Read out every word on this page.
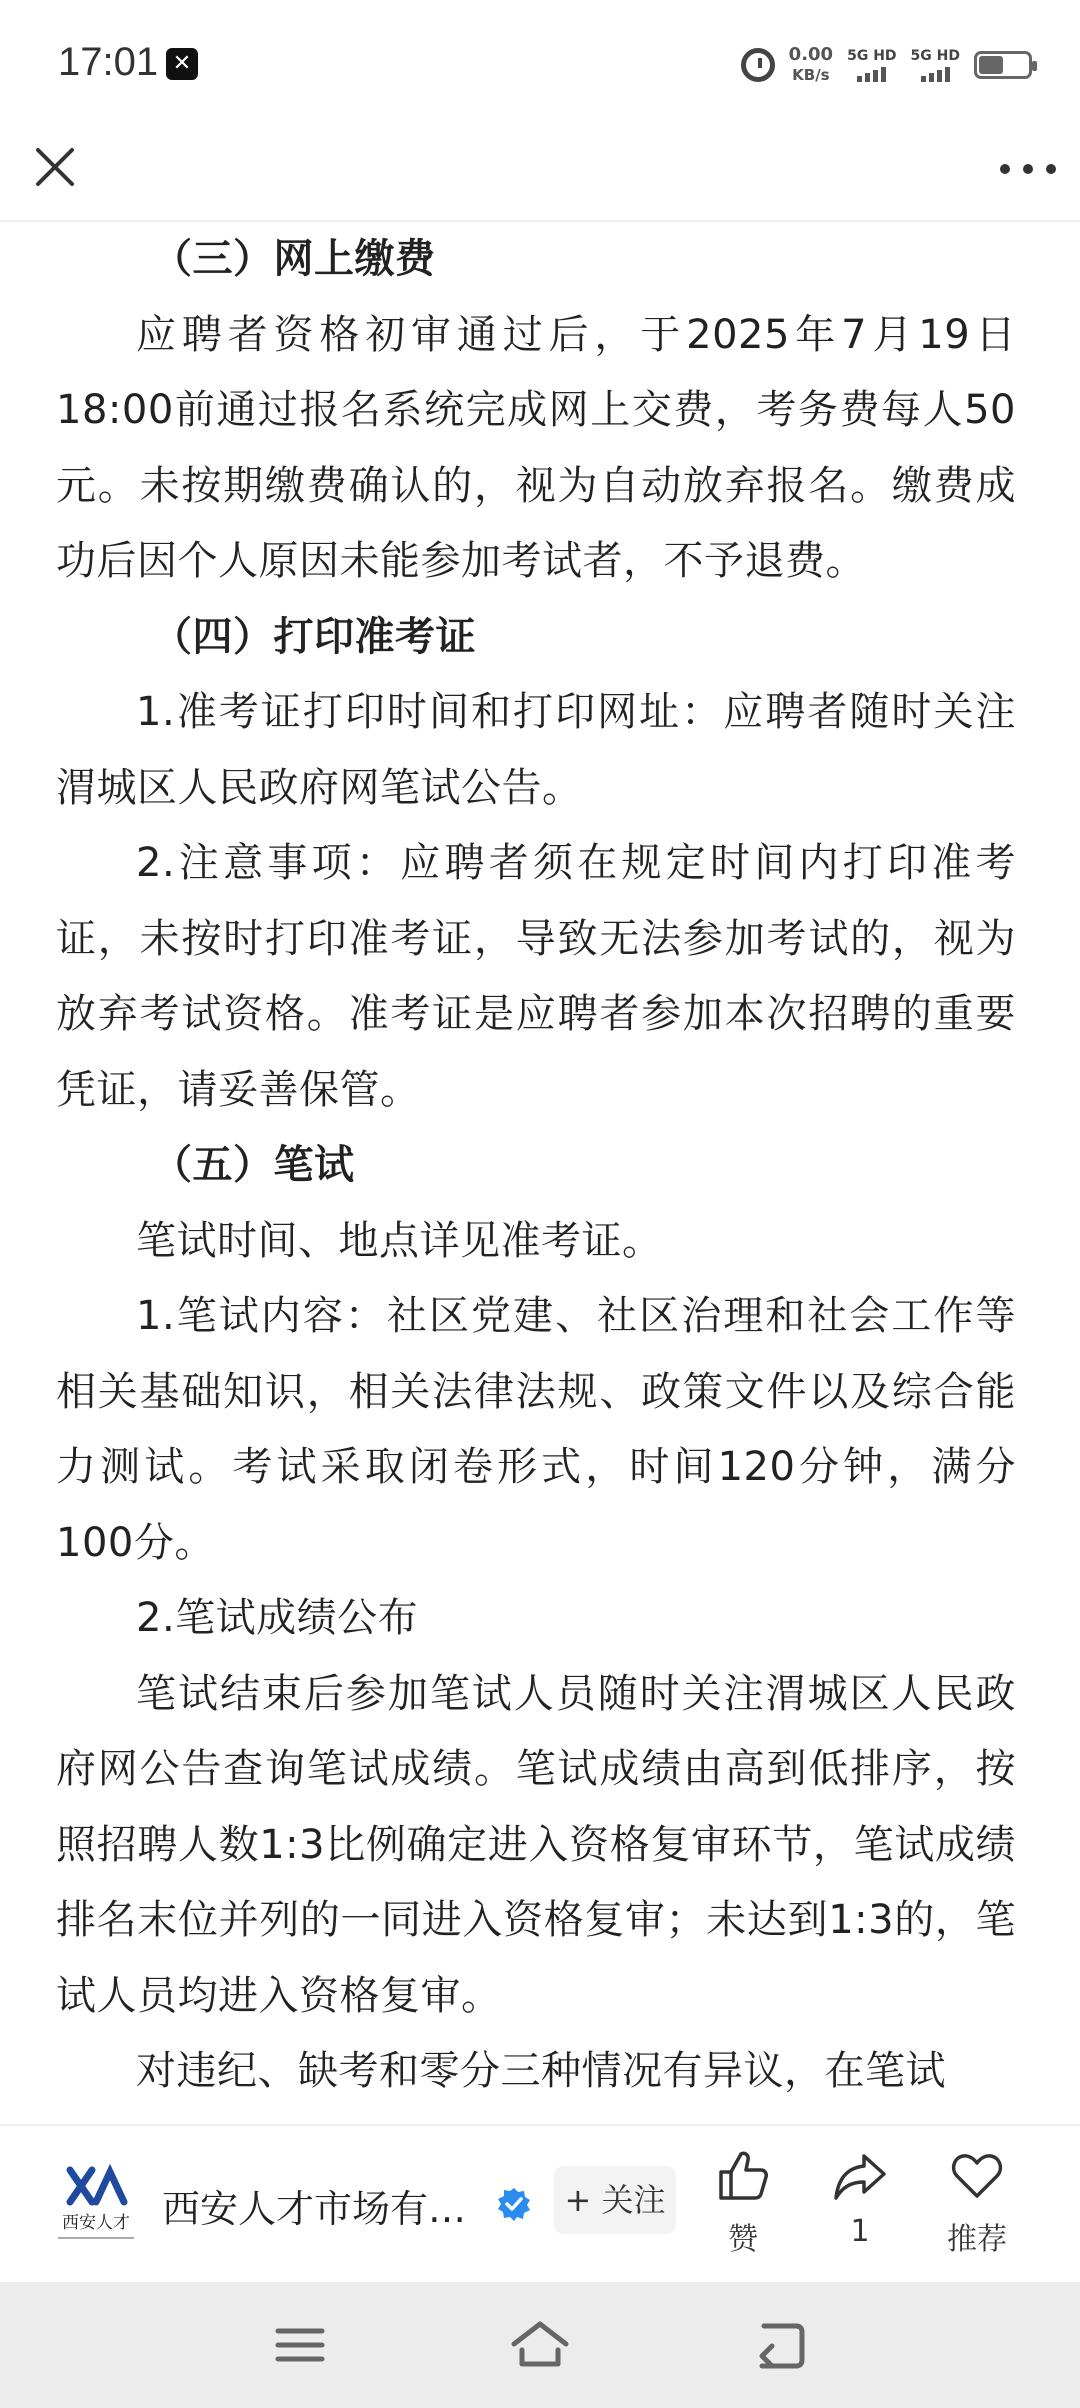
17:01 ✕	0.00
KB/s
5G HD 5G HD

（三）网上缴费

应聘者资格初审通过后，于2025年7月19日18:00前通过报名系统完成网上交费，考务费每人50元。未按期缴费确认的，视为自动放弃报名。缴费成功后因个人原因未能参加考试者，不予退费。

（四）打印准考证

1.准考证打印时间和打印网址：应聘者随时关注渭城区人民政府网笔试公告。

2.注意事项：应聘者须在规定时间内打印准考证，未按时打印准考证，导致无法参加考试的，视为放弃考试资格。准考证是应聘者参加本次招聘的重要凭证，请妥善保管。

（五）笔试

笔试时间、地点详见准考证。

1.笔试内容：社区党建、社区治理和社会工作等相关基础知识，相关法律法规、政策文件以及综合能力测试。考试采取闭卷形式，时间120分钟，满分100分。

2.笔试成绩公布

笔试结束后参加笔试人员随时关注渭城区人民政府网公告查询笔试成绩。笔试成绩由高到低排序，按照招聘人数1:3比例确定进入资格复审环节，笔试成绩排名末位并列的一同进入资格复审；未达到1:3的，笔试人员均进入资格复审。

对违纪、缺考和零分三种情况有异议，在笔试

西安人才 西安人才市场有…	+ 关注
赞	1	推荐
